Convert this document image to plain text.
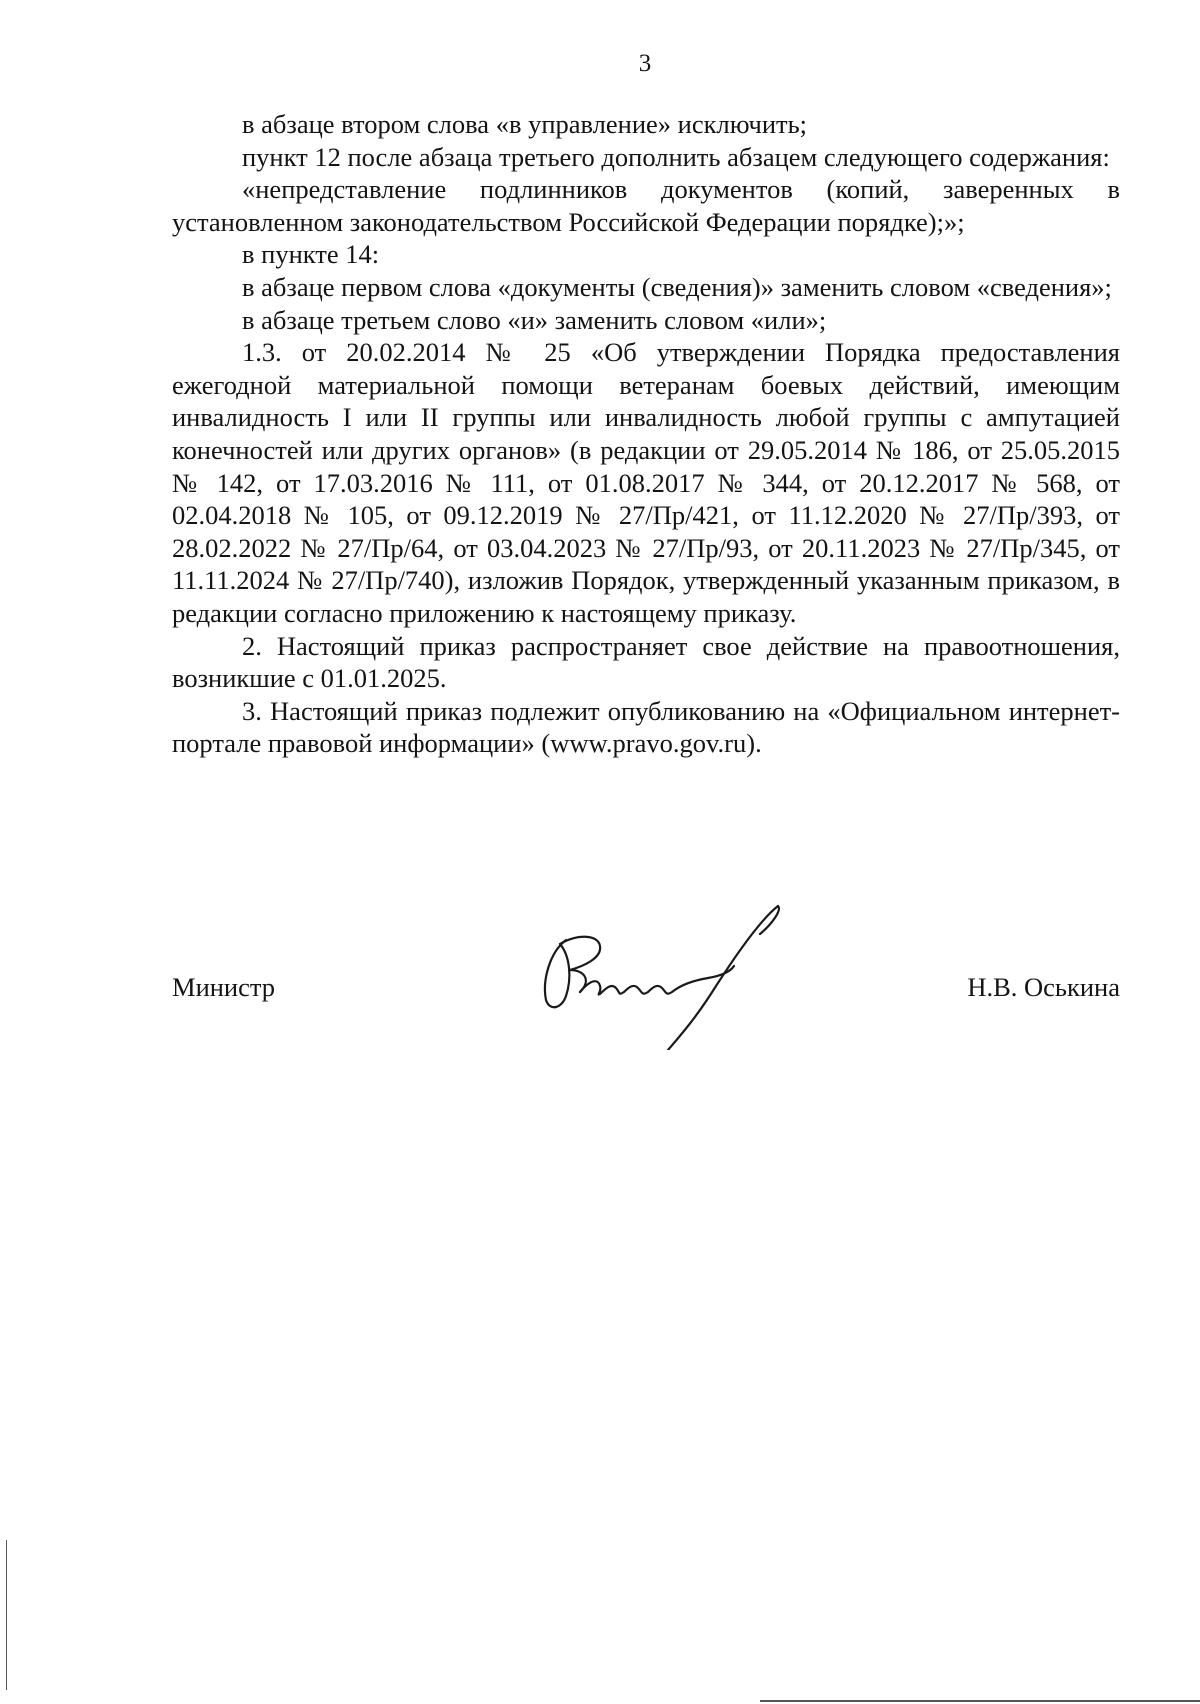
3

в абзаце втором слова «в управление» исключить;

пункт 12 после абзаца третьего дополнить абзацем следующего содержания:

«непредставление подлинников документов (копий, заверенных в установленном законодательством Российской Федерации порядке);»;

в пункте 14:

в абзаце первом слова «документы (сведения)» заменить словом «сведения»;

в абзаце третьем слово «и» заменить словом «или»;

1.3. от 20.02.2014 № 25 «Об утверждении Порядка предоставления ежегодной материальной помощи ветеранам боевых действий, имеющим инвалидность I или II группы или инвалидность любой группы с ампутацией конечностей или других органов» (в редакции от 29.05.2014 № 186, от 25.05.2015 № 142, от 17.03.2016 № 111, от 01.08.2017 № 344, от 20.12.2017 № 568, от 02.04.2018 № 105, от 09.12.2019 № 27/Пр/421, от 11.12.2020 № 27/Пр/393, от 28.02.2022 № 27/Пр/64, от 03.04.2023 № 27/Пр/93, от 20.11.2023 № 27/Пр/345, от 11.11.2024 № 27/Пр/740), изложив Порядок, утвержденный указанным приказом, в редакции согласно приложению к настоящему приказу.

2. Настоящий приказ распространяет свое действие на правоотношения, возникшие с 01.01.2025.

3. Настоящий приказ подлежит опубликованию на «Официальном интернет-портале правовой информации» (www.pravo.gov.ru).

Министр	Н.В. Оськина
